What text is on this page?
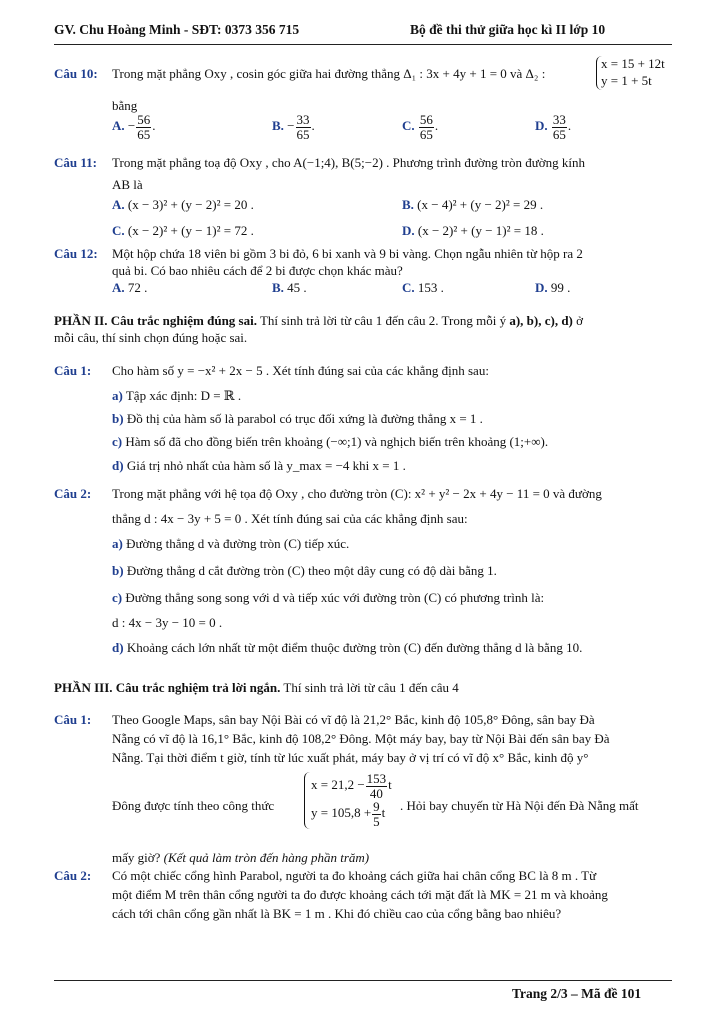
GV. Chu Hoàng Minh - SĐT: 0373 356 715	Bộ đề thi thử giữa học kì II lớp 10
Câu 10: Trong mặt phẳng Oxy , cosin góc giữa hai đường thẳng Δ₁ : 3x + 4y + 1 = 0 và Δ₂ :
x = 15 + 12t
y = 1 + 5t
bằng
A. − $\frac{56}{65}$ .	B. − $\frac{33}{65}$ .	C. $\frac{56}{65}$ .	D. $\frac{33}{65}$ .
Câu 11: Trong mặt phẳng toạ độ Oxy , cho A(−1;4), B(5;−2) . Phương trình đường tròn đường kính
AB là
A. (x − 3)² + (y − 2)² = 20 .	B. (x − 4)² + (y − 2)² = 29 .
C. (x − 2)² + (y − 1)² = 72 .	D. (x − 2)² + (y − 1)² = 18 .
Câu 12: Một hộp chứa 18 viên bi gồm 3 bi đỏ, 6 bi xanh và 9 bi vàng. Chọn ngẫu nhiên từ hộp ra 2
quả bi. Có bao nhiêu cách để 2 bi được chọn khác màu?
A. 72 .	B. 45 .	C. 153 .	D. 99 .
PHẦN II. Câu trắc nghiệm đúng sai. Thí sinh trả lời từ câu 1 đến câu 2. Trong mỗi ý a), b), c), d) ở
mỗi câu, thí sinh chọn đúng hoặc sai.
Câu 1: Cho hàm số y = −x² + 2x − 5 . Xét tính đúng sai của các khẳng định sau:
a) Tập xác định: D = ℝ .
b) Đồ thị của hàm số là parabol có trục đối xứng là đường thẳng x = 1 .
c) Hàm số đã cho đồng biến trên khoảng (−∞;1) và nghịch biến trên khoảng (1;+∞).
d) Giá trị nhỏ nhất của hàm số là y_max = −4 khi x = 1 .
Câu 2: Trong mặt phẳng với hệ tọa độ Oxy , cho đường tròn (C): x² + y² − 2x + 4y − 11 = 0 và đường
thẳng d : 4x − 3y + 5 = 0 . Xét tính đúng sai của các khẳng định sau:
a) Đường thẳng d và đường tròn (C) tiếp xúc.
b) Đường thẳng d cắt đường tròn (C) theo một dây cung có độ dài bằng 1.
c) Đường thẳng song song với d và tiếp xúc với đường tròn (C) có phương trình là:
d : 4x − 3y − 10 = 0 .
d) Khoảng cách lớn nhất từ một điểm thuộc đường tròn (C) đến đường thẳng d là bằng 10.
PHẦN III. Câu trắc nghiệm trả lời ngắn. Thí sinh trả lời từ câu 1 đến câu 4
Câu 1: Theo Google Maps, sân bay Nội Bài có vĩ độ là 21,2° Bắc, kinh độ 105,8° Đông, sân bay Đà
Nẵng có vĩ độ là 16,1° Bắc, kinh độ 108,2° Đông. Một máy bay, bay từ Nội Bài đến sân bay Đà
Nẵng. Tại thời điểm t giờ, tính từ lúc xuất phát, máy bay ở vị trí có vĩ độ x° Bắc, kinh độ y°
Đông được tính theo công thức
$x = 21,2 - \frac{153}{40}$ t
$y = 105,8 + \frac{9}{5}$ t	. Hỏi bay chuyến từ Hà Nội đến Đà Nẵng mất
mấy giờ? (Kết quả làm tròn đến hàng phần trăm)
Câu 2: Có một chiếc cổng hình Parabol, người ta đo khoảng cách giữa hai chân cổng BC là 8 m . Từ
một điểm M trên thân cổng người ta đo được khoảng cách tới mặt đất là MK = 21 m và khoảng
cách tới chân cổng gần nhất là BK = 1 m . Khi đó chiều cao của cổng bằng bao nhiêu?
Trang 2/3 – Mã đề 101
